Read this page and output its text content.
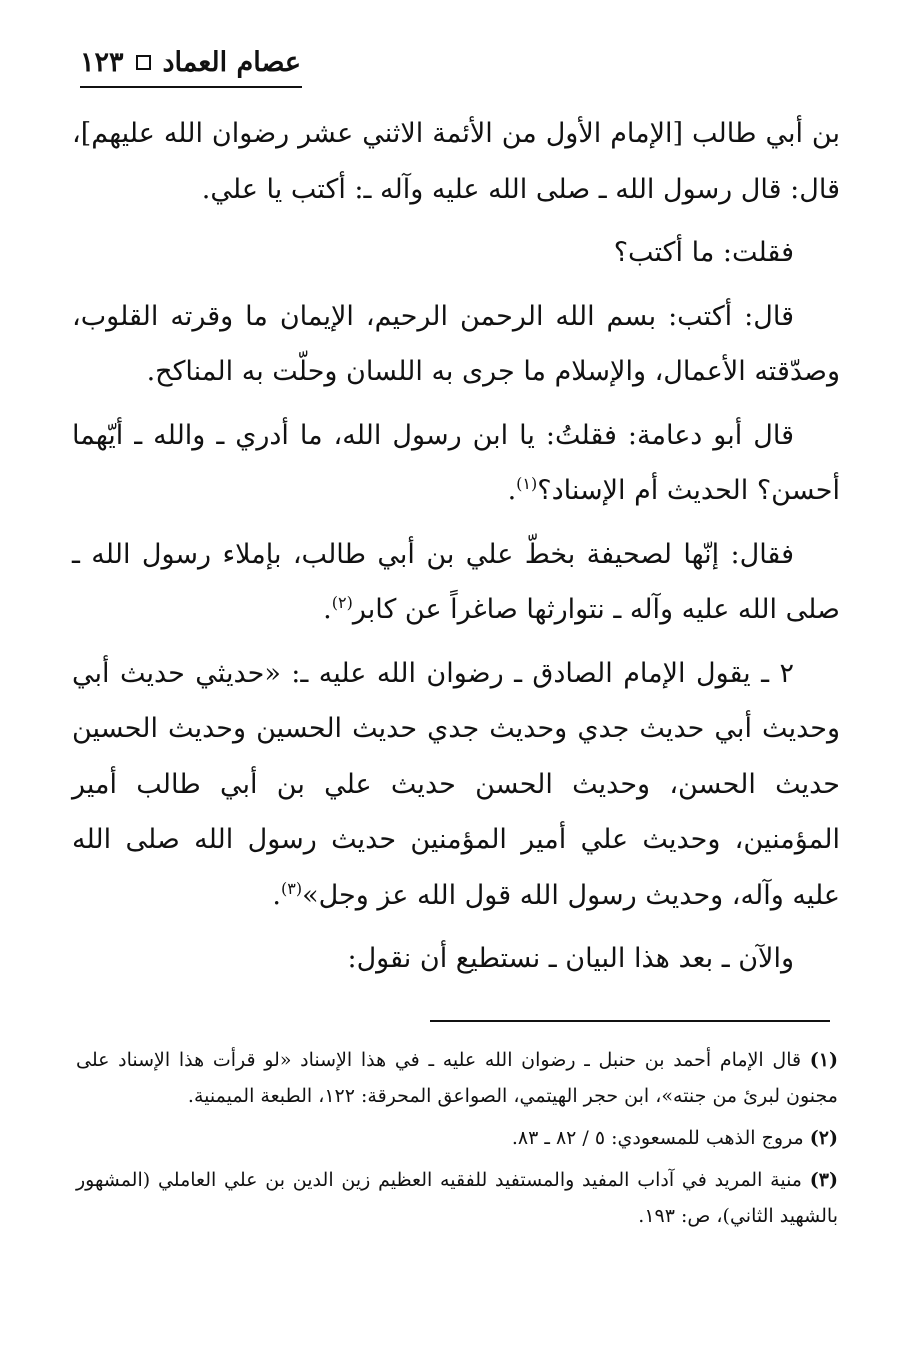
١٢٣ عصام العماد

بن أبي طالب [الإمام الأول من الأئمة الاثني عشر رضوان الله عليهم]، قال: قال رسول الله ـ صلى الله عليه وآله ـ: أكتب يا علي.

فقلت: ما أكتب؟

قال: أكتب: بسم الله الرحمن الرحيم، الإيمان ما وقرته القلوب، وصدّقته الأعمال، والإسلام ما جرى به اللسان وحلّت به المناكح.

قال أبو دعامة: فقلتُ: يا ابن رسول الله، ما أدري ـ والله ـ أيّهما أحسن؟ الحديث أم الإسناد؟$^{(١)}$.

فقال: إنّها لصحيفة بخطّ علي بن أبي طالب، بإملاء رسول الله ـ صلى الله عليه وآله ـ نتوارثها صاغراً عن كابر$^{(٢)}$.

٢ ـ يقول الإمام الصادق ـ رضوان الله عليه ـ: «حديثي حديث أبي وحديث أبي حديث جدي وحديث جدي حديث الحسين وحديث الحسين حديث الحسن، وحديث الحسن حديث علي بن أبي طالب أمير المؤمنين، وحديث علي أمير المؤمنين حديث رسول الله صلى الله عليه وآله، وحديث رسول الله قول الله عز وجل»$^{(٣)}$.

والآن ـ بعد هذا البيان ـ نستطيع أن نقول:

(١) قال الإمام أحمد بن حنبل ـ رضوان الله عليه ـ في هذا الإسناد «لو قرأت هذا الإسناد على مجنون لبرئ من جنته»، ابن حجر الهيتمي، الصواعق المحرقة: ١٢٢، الطبعة الميمنية.

(٢) مروج الذهب للمسعودي: ٥ / ٨٢ ـ ٨٣.

(٣) منية المريد في آداب المفيد والمستفيد للفقيه العظيم زين الدين بن علي العاملي (المشهور بالشهيد الثاني)، ص: ١٩٣.
